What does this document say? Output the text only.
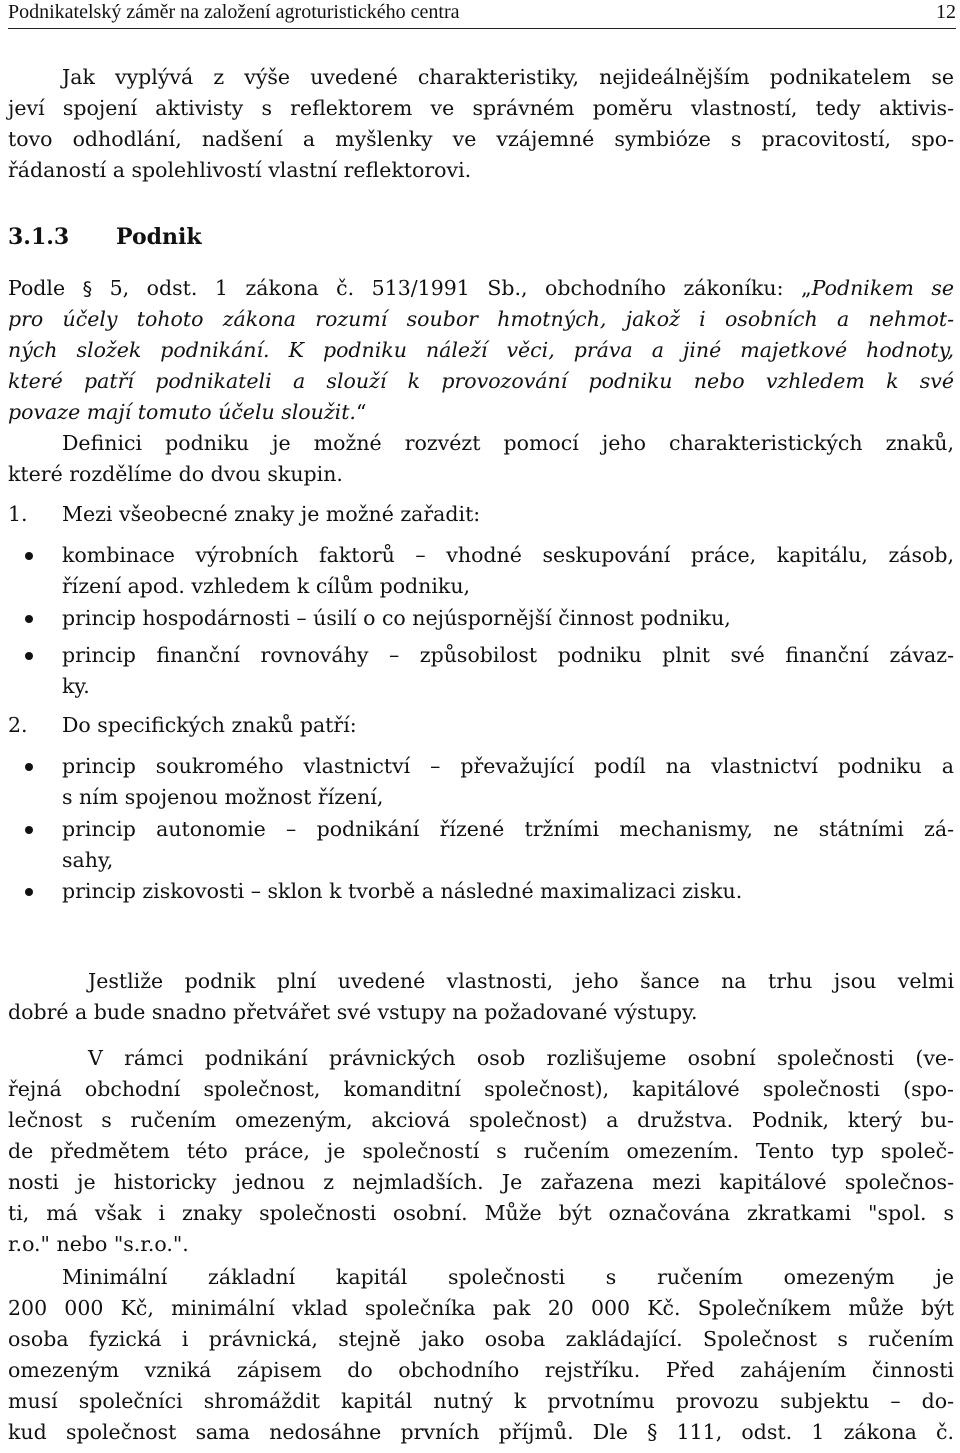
Podnikatelský záměr na založení agroturistického centra	12
Jak vyplývá z výše uvedené charakteristiky, nejideálnějším podnikatelem se
jeví spojení aktivisty s reflektorem ve správném poměru vlastností, tedy aktivis-
tovo odhodlání, nadšení a myšlenky ve vzájemné symbióze s pracovitostí, spo-
řádaností a spolehlivostí vlastní reflektorovi.
3.1.3 Podnik
Podle § 5, odst. 1 zákona č. 513/1991 Sb., obchodního zákoníku: „Podnikem se
pro účely tohoto zákona rozumí soubor hmotných, jakož i osobních a nehmot-
ných složek podnikání. K podniku náleží věci, práva a jiné majetkové hodnoty,
které patří podnikateli a slouží k provozování podniku nebo vzhledem k své
povaze mají tomuto účelu sloužit.“
Definici podniku je možné rozvézt pomocí jeho charakteristických znaků,
které rozdělíme do dvou skupin.
1. Mezi všeobecné znaky je možné zařadit:
kombinace výrobních faktorů – vhodné seskupování práce, kapitálu, zásob,
řízení apod. vzhledem k cílům podniku,
princip hospodárnosti – úsilí o co nejúspornější činnost podniku,
princip finanční rovnováhy – způsobilost podniku plnit své finanční závaz-
ky.
2. Do specifických znaků patří:
princip soukromého vlastnictví – převažující podíl na vlastnictví podniku a
s ním spojenou možnost řízení,
princip autonomie – podnikání řízené tržními mechanismy, ne státními zá-
sahy,
princip ziskovosti – sklon k tvorbě a následné maximalizaci zisku.
Jestliže podnik plní uvedené vlastnosti, jeho šance na trhu jsou velmi
dobré a bude snadno přetvářet své vstupy na požadované výstupy.
V rámci podnikání právnických osob rozlišujeme osobní společnosti (ve-
řejná obchodní společnost, komanditní společnost), kapitálové společnosti (spo-
lečnost s ručením omezeným, akciová společnost) a družstva. Podnik, který bu-
de předmětem této práce, je společností s ručením omezením. Tento typ společ-
nosti je historicky jednou z nejmladších. Je zařazena mezi kapitálové společnos-
ti, má však i znaky společnosti osobní. Může být označována zkratkami "spol. s
r.o." nebo "s.r.o.".
Minimální základní kapitál společnosti s ručením omezeným je
200 000 Kč, minimální vklad společníka pak 20 000 Kč. Společníkem může být
osoba fyzická i právnická, stejně jako osoba zakládající. Společnost s ručením
omezeným vzniká zápisem do obchodního rejstříku. Před zahájením činnosti
musí společníci shromáždit kapitál nutný k prvotnímu provozu subjektu – do-
kud společnost sama nedosáhne prvních příjmů. Dle § 111, odst. 1 zákona č.
